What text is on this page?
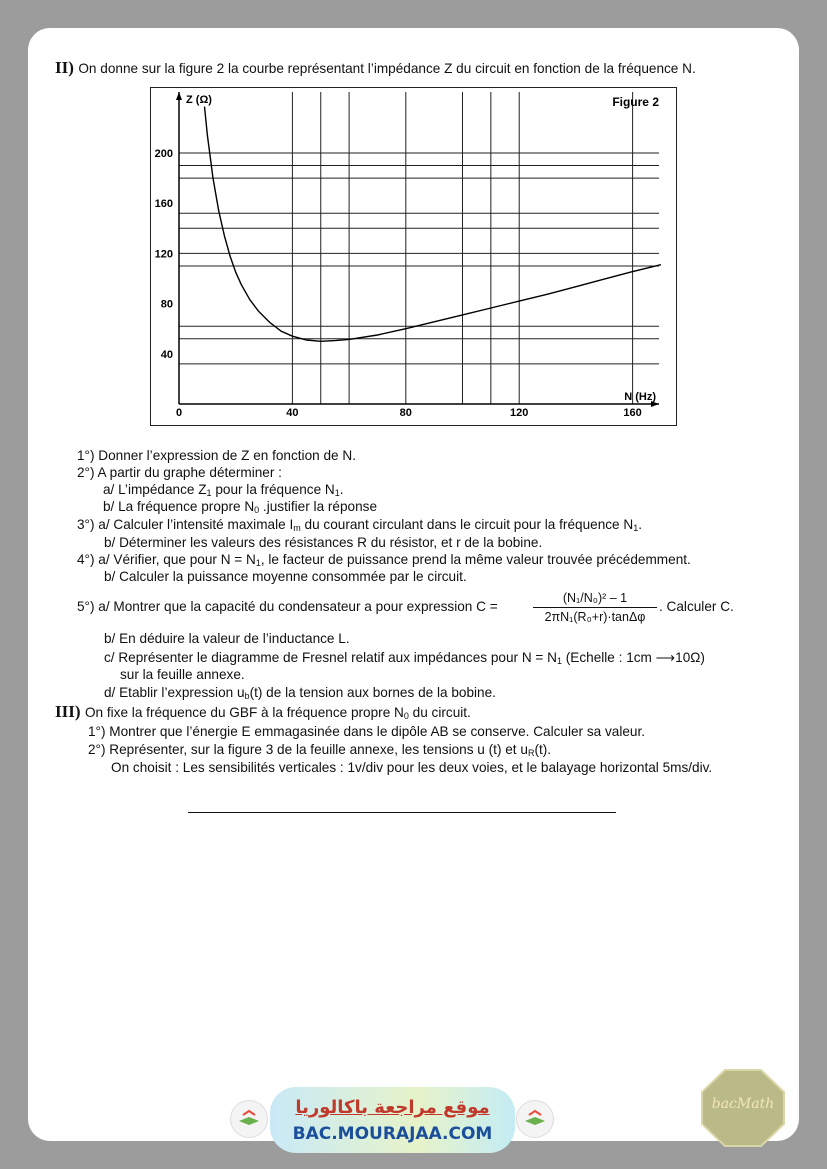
II) On donne sur la figure 2 la courbe représentant l’impédance Z du circuit en fonction de la fréquence N.
40
80
120
160
200
0	40	80	120	160
Z (Ω)
N (Hz)
Figure 2
1°) Donner l’expression de Z en fonction de N.
2°) A partir du graphe déterminer :
a/ L’impédance $Z_1$ pour la fréquence $N_1$.
b/ La fréquence propre $N_0$ .justifier la réponse
3°) a/ Calculer l’intensité maximale $I_m$ du courant circulant dans le circuit pour la fréquence $N_1$.
b/ Déterminer les valeurs des résistances R du résistor, et r de la bobine.
4°) a/ Vérifier, que pour $N = N_1$, le facteur de puissance prend la même valeur trouvée précédemment.
b/ Calculer la puissance moyenne consommée par le circuit.
5°) a/ Montrer que la capacité du condensateur a pour expression C =
(N₁/N₀)² – 1
2πN₁(R₀+r)·tanΔφ
. Calculer C.
b/ En déduire la valeur de l’inductance L.
c/ Représenter le diagramme de Fresnel relatif aux impédances pour $N = N_1$ (Echelle : 1cm ⟶10Ω)
sur la feuille annexe.
d/ Etablir l’expression $u_b(t)$ de la tension aux bornes de la bobine.
III) On fixe la fréquence du GBF à la fréquence propre $N_0$ du circuit.
1°) Montrer que l’énergie E emmagasinée dans le dipôle AB se conserve. Calculer sa valeur.
2°) Représenter, sur la figure 3 de la feuille annexe, les tensions u (t) et $u_R(t)$.
On choisit : Les sensibilités verticales : 1v/div pour les deux voies, et le balayage horizontal 5ms/div.
موقع مراجعة باكالوريا
BAC.MOURAJAA.COM
bacMath
